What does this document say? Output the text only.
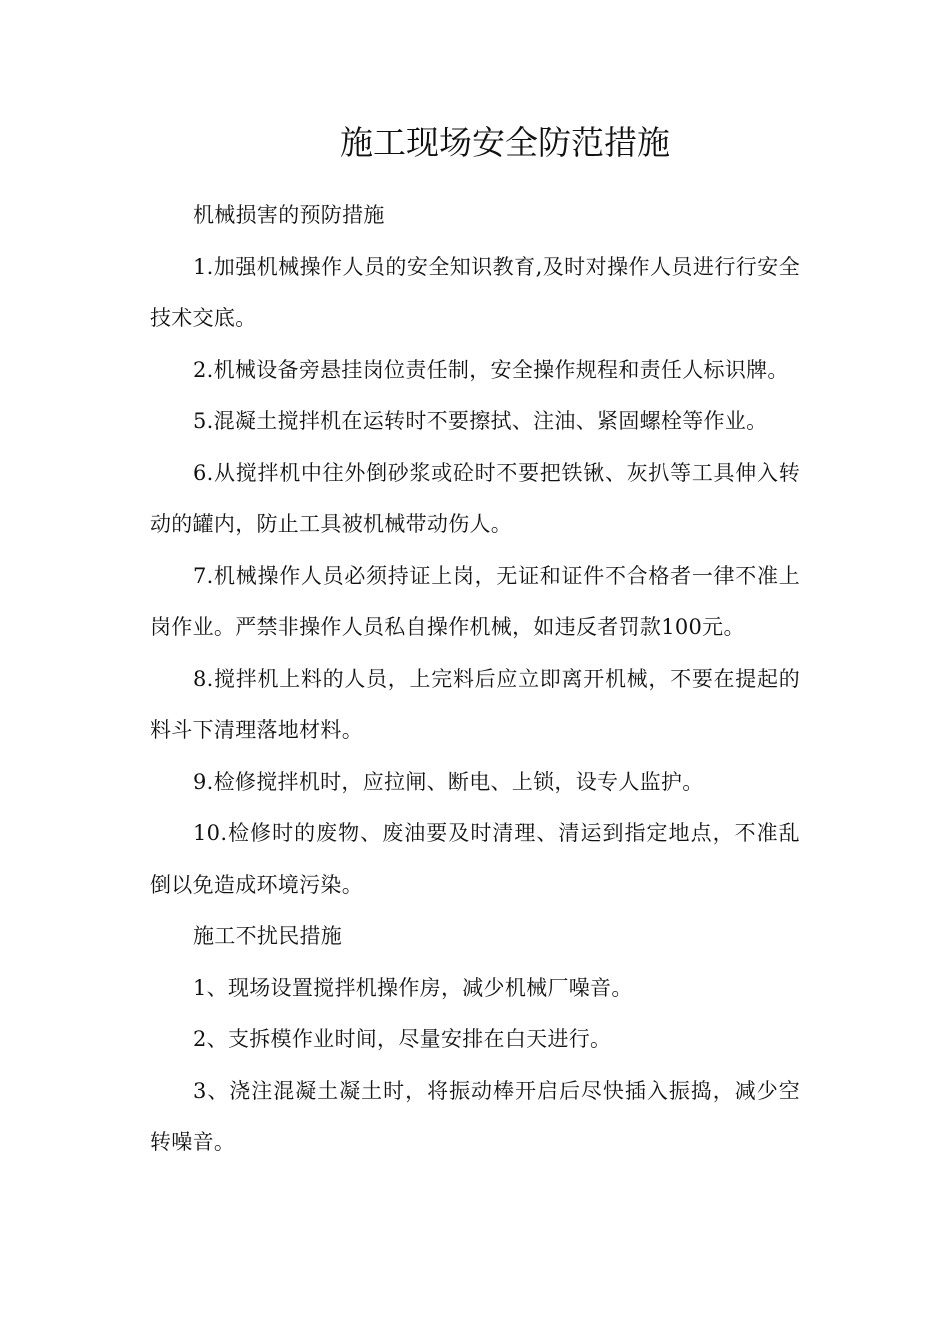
施工现场安全防范措施

机械损害的预防措施

1.加强机械操作人员的安全知识教育,及时对操作人员进行行安全技术交底。

2.机械设备旁悬挂岗位责任制，安全操作规程和责任人标识牌。

5.混凝土搅拌机在运转时不要擦拭、注油、紧固螺栓等作业。

6.从搅拌机中往外倒砂浆或砼时不要把铁锹、灰扒等工具伸入转动的罐内，防止工具被机械带动伤人。

7.机械操作人员必须持证上岗，无证和证件不合格者一律不准上岗作业。严禁非操作人员私自操作机械，如违反者罚款100元。

8.搅拌机上料的人员，上完料后应立即离开机械，不要在提起的料斗下清理落地材料。

9.检修搅拌机时，应拉闸、断电、上锁，设专人监护。

10.检修时的废物、废油要及时清理、清运到指定地点，不准乱倒以免造成环境污染。

施工不扰民措施

1、现场设置搅拌机操作房，减少机械厂噪音。

2、支拆模作业时间，尽量安排在白天进行。

3、浇注混凝土凝土时，将振动棒开启后尽快插入振捣，减少空转噪音。
